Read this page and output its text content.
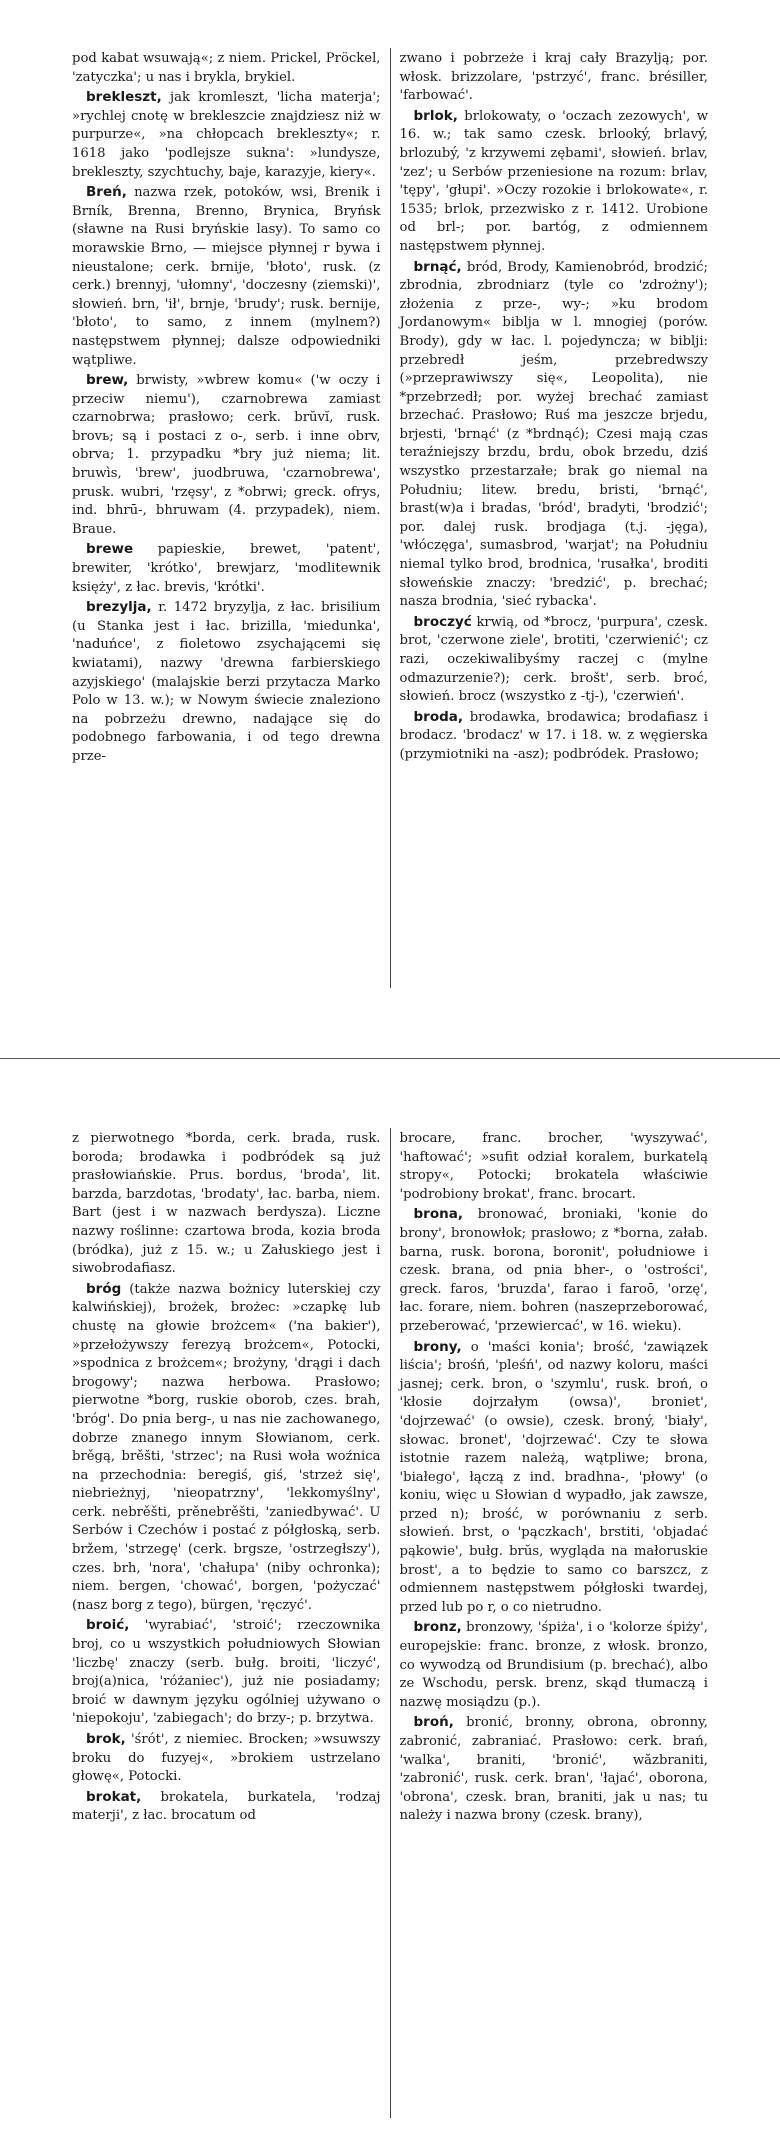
pod kabat wsuwają«; z niem. Prickel, Pröckel, 'zatyczka'; u nas i brykla, brykiel.

brekleszt, jak kromleszt, 'licha materja'; »rychlej cnotę w brekleszcie znajdziesz niż w purpurze«, »na chłopcach brekleszty«; r. 1618 jako 'podlejsze sukna': »lundysze, brekleszty, szychtuchy, baje, karazyje, kiery«.

Breń, nazwa rzek, potoków, wsi, Brenik i Brník, Brenna, Brenno, Brynica, Bryńsk (sławne na Rusi bryńskie lasy). To samo co morawskie Brno, — miejsce płynnej r bywa i nieustalone; cerk. brnije, 'błoto', rusk. (z cerk.) brennyj, 'ułomny', 'doczesny (ziemski)', słowień. brn, 'ił', brnje, 'brudy'; rusk. bernije, 'błoto', to samo, z innem (mylnem?) następstwem płynnej; dalsze odpowiedniki wątpliwe.

brew, brwisty, »wbrew komu« ('w oczy i przeciw niemu'), czarnobrewa zamiast czarnobrwa; prasłowo; cerk. brŭvĭ, rusk. brovь; są i postaci z o-, serb. i inne obrv, obrva; 1. przypadku *bry już niema; lit. bruwìs, 'brew', juodbruwa, 'czarnobrewa', prusk. wubri, 'rzęsy', z *obrwi; greck. ofrys, ind. bhrū-, bhruwam (4. przypadek), niem. Braue.

brewe papieskie, brewet, 'patent', brewiter, 'krótko', brewjarz, 'modlitewnik księży', z łac. brevis, 'krótki'.

brezylja, r. 1472 bryzylja, z łac. brisilium (u Stanka jest i łac. brizilla, 'miedunka', 'naduńce', z fioletowo zsychającemi się kwiatami), nazwy 'drewna farbierskiego azyjskiego' (malajskie berzi przytacza Marko Polo w 13. w.); w Nowym świecie znaleziono na pobrzeżu drewno, nadające się do podobnego farbowania, i od tego drewna prze-

zwano i pobrzeże i kraj cały Brazylją; por. włosk. brizzolare, 'pstrzyć', franc. brésiller, 'farbować'.

brlok, brlokowaty, o 'oczach zezowych', w 16. w.; tak samo czesk. brlooký, brlavý, brlozubý, 'z krzywemi zębami', słowień. brlav, 'zez'; u Serbów przeniesione na rozum: brlav, 'tępy', 'głupi'. »Oczy rozokie i brlokowate«, r. 1535; brlok, przezwisko z r. 1412. Urobione od brl-; por. bartóg, z odmiennem następstwem płynnej.

brnąć, bród, Brody, Kamienobród, brodzić; zbrodnia, zbrodniarz (tyle co 'zdrożny'); złożenia z prze-, wy-; »ku brodom Jordanowym« biblja w l. mnogiej (porów. Brody), gdy w łac. l. pojedyncza; w biblji: przebredł jeśm, przebredwszy (»przeprawiwszy się«, Leopolita), nie *przebrzedł; por. wyżej brechać zamiast brzechać. Prasłowo; Ruś ma jeszcze brjedu, brjesti, 'brnąć' (z *brdnąć); Czesi mają czas teraźniejszy brzdu, brdu, obok brzedu, dziś wszystko przestarzałe; brak go niemal na Południu; litew. bredu, bristi, 'brnąć', brast(w)a i bradas, 'bród', bradyti, 'brodzić'; por. dalej rusk. brodjaga (t.j. -jęga), 'włóczęga', sumasbrod, 'warjat'; na Południu niemal tylko brod, brodnica, 'rusałka', broditi słoweńskie znaczy: 'bredzić', p. brechać; nasza brodnia, 'sieć rybacka'.

broczyć krwią, od *brocz, 'purpura', czesk. brot, 'czerwone ziele', brotiti, 'czerwienić'; cz razi, oczekiwalibyśmy raczej c (mylne odmazurzenie?); cerk. brošt', serb. broć, słowień. brocz (wszystko z -tj-), 'czerwień'.

broda, brodawka, brodawica; brodafiasz i brodacz. 'brodacz' w 17. i 18. w. z węgierska (przymiotniki na -asz); podbródek. Prasłowo;

z pierwotnego *borda, cerk. brada, rusk. boroda; brodawka i podbródek są już prasłowiańskie. Prus. bordus, 'broda', lit. barzda, barzdotas, 'brodaty', łac. barba, niem. Bart (jest i w nazwach berdysza). Liczne nazwy roślinne: czartowa broda, kozia broda (bródka), już z 15. w.; u Załuskiego jest i siwobrodafiasz.

bróg (także nazwa bożnicy luterskiej czy kalwińskiej), brożek, brożec: »czapkę lub chustę na głowie brożcem« ('na bakier'), »przełożywszy ferezyą brożcem«, Potocki, »spodnica z brożcem«; brożyny, 'drągi i dach brogowy'; nazwa herbowa. Prasłowo; pierwotne *borg, ruskie oborob, czes. brah, 'bróg'. Do pnia berg-, u nas nie zachowanego, dobrze znanego innym Słowianom, cerk. brěgą, brěšti, 'strzec'; na Rusi woła woźnica na przechodnia: beregiś, giś, 'strzeż się', niebrieżnyj, 'nieopatrzny', 'lekkomyślny', cerk. nebrěšti, prěnebrěšti, 'zaniedbywać'. U Serbów i Czechów i postać z półgłoską, serb. bržem, 'strzegę' (cerk. brgsze, 'ostrzegłszy'), czes. brh, 'nora', 'chałupa' (niby ochronka); niem. bergen, 'chować', borgen, 'pożyczać' (nasz borg z tego), bürgen, 'ręczyć'.

broić, 'wyrabiać', 'stroić'; rzeczownika broj, co u wszystkich południowych Słowian 'liczbę' znaczy (serb. bułg. broiti, 'liczyć', broj(a)nica, 'różaniec'), już nie posiadamy; broić w dawnym języku ogólniej używano o 'niepokoju', 'zabiegach'; do brzy-; p. brzytwa.

brok, 'śrót', z niemiec. Brocken; »wsuwszy broku do fuzyej«, »brokiem ustrzelano głowę«, Potocki.

brokat, brokatela, burkatela, 'rodzaj materji', z łac. brocatum od

brocare, franc. brocher, 'wyszywać', 'haftować'; »sufit odział koralem, burkatelą stropy«, Potocki; brokatela właściwie 'podrobiony brokat', franc. brocart.

brona, bronować, broniaki, 'konie do brony', bronowłok; prasłowo; z *borna, załab. barna, rusk. borona, boronit', południowe i czesk. brana, od pnia bher-, o 'ostrości', greck. faros, 'bruzda', farao i faroō, 'orzę', łac. forare, niem. bohren (naszeprzeborować, przeberować, 'przewiercać', w 16. wieku).

brony, o 'maści konia'; brość, 'zawiązek liścia'; brośń, 'pleśń', od nazwy koloru, maści jasnej; cerk. bron, o 'szymlu', rusk. broń, o 'kłosie dojrzałym (owsa)', broniet', 'dojrzewać' (o owsie), czesk. broný, 'biały', słowac. bronet', 'dojrzewać'. Czy te słowa istotnie razem należą, wątpliwe; brona, 'białego', łączą z ind. bradhna-, 'płowy' (o koniu, więc u Słowian d wypadło, jak zawsze, przed n); brość, w porównaniu z serb. słowień. brst, o 'pączkach', brstiti, 'objadać pąkowie', bułg. brŭs, wygląda na małoruskie brost', a to będzie to samo co barszcz, z odmiennem następstwem półgłoski twardej, przed lub po r, o co nietrudno.

bronz, bronzowy, 'śpiża', i o 'kolorze śpiży', europejskie: franc. bronze, z włosk. bronzo, co wywodzą od Brundisium (p. brechać), albo ze Wschodu, persk. brenz, skąd tłumaczą i nazwę mosiądzu (p.).

broń, bronić, bronny, obrona, obronny, zabronić, zabraniać. Prasłowo: cerk. brań, 'walka', braniti, 'bronić', wăzbraniti, 'zabronić', rusk. cerk. bran', 'łajać', oborona, 'obrona', czesk. bran, braniti, jak u nas; tu należy i nazwa brony (czesk. brany),
